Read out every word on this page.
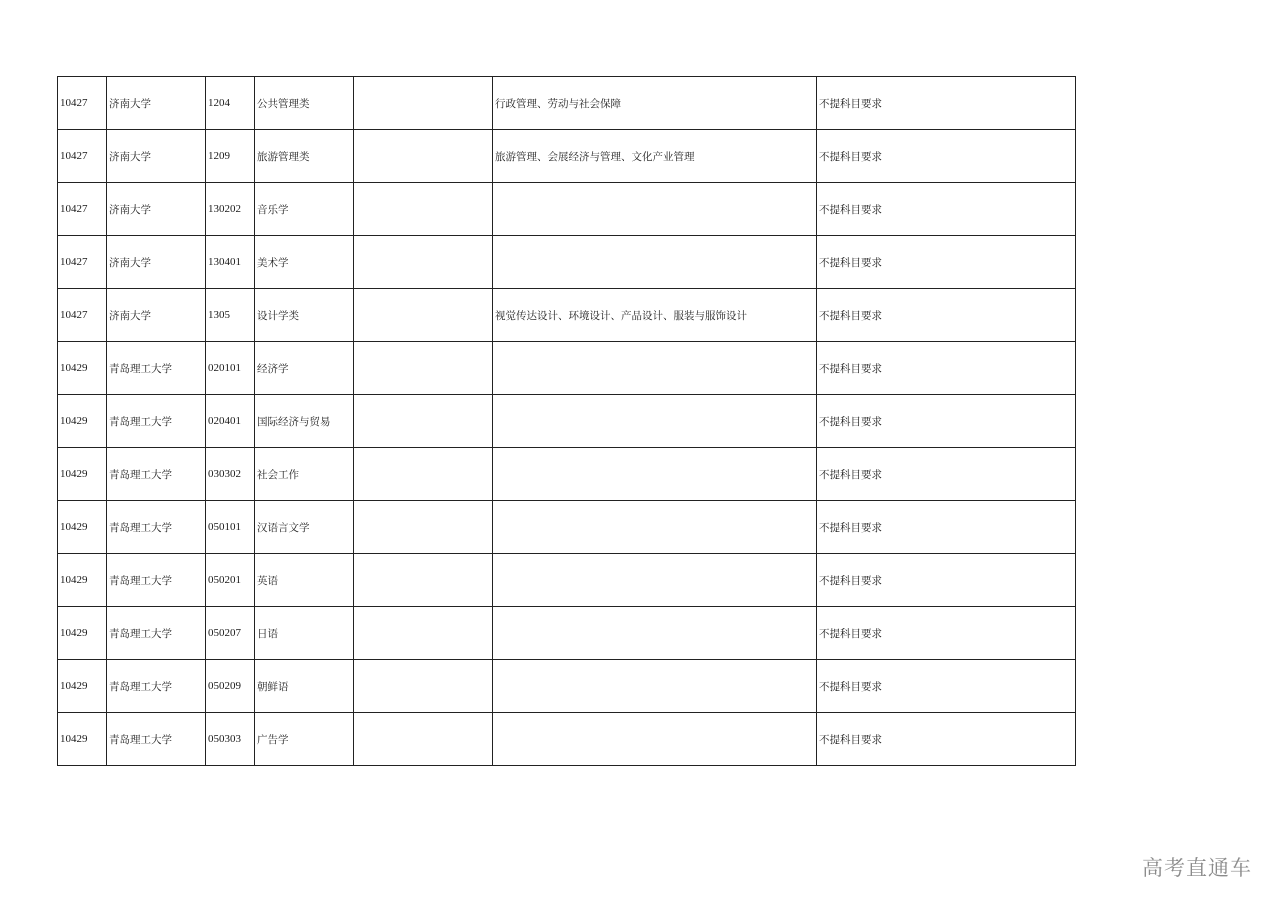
10427	济南大学	1204	公共管理类		行政管理、劳动与社会保障	不提科目要求
10427	济南大学	1209	旅游管理类		旅游管理、会展经济与管理、文化产业管理	不提科目要求
10427	济南大学	130202	音乐学			不提科目要求
10427	济南大学	130401	美术学			不提科目要求
10427	济南大学	1305	设计学类		视觉传达设计、环境设计、产品设计、服装与服饰设计	不提科目要求
10429	青岛理工大学	020101	经济学			不提科目要求
10429	青岛理工大学	020401	国际经济与贸易			不提科目要求
10429	青岛理工大学	030302	社会工作			不提科目要求
10429	青岛理工大学	050101	汉语言文学			不提科目要求
10429	青岛理工大学	050201	英语			不提科目要求
10429	青岛理工大学	050207	日语			不提科目要求
10429	青岛理工大学	050209	朝鲜语			不提科目要求
10429	青岛理工大学	050303	广告学			不提科目要求
高考直通车
